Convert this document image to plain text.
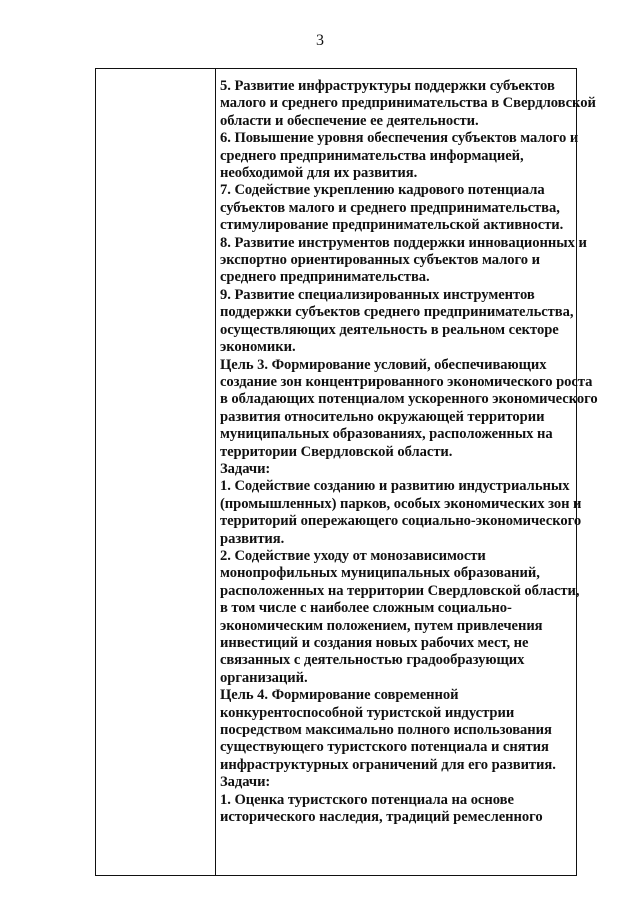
3
5. Развитие инфраструктуры поддержки субъектов
малого и среднего предпринимательства в Свердловской
области и обеспечение ее деятельности.
6. Повышение уровня обеспечения субъектов малого и
среднего предпринимательства информацией,
необходимой для их развития.
7. Содействие укреплению кадрового потенциала
субъектов малого и среднего предпринимательства,
стимулирование предпринимательской активности.
8. Развитие инструментов поддержки инновационных и
экспортно ориентированных субъектов малого и
среднего предпринимательства.
9. Развитие специализированных инструментов
поддержки субъектов среднего предпринимательства,
осуществляющих деятельность в реальном секторе
экономики.
Цель 3. Формирование условий, обеспечивающих
создание зон концентрированного экономического роста
в обладающих потенциалом ускоренного экономического
развития относительно окружающей территории
муниципальных образованиях, расположенных на
территории Свердловской области.
Задачи:
1. Содействие созданию и развитию индустриальных
(промышленных) парков, особых экономических зон и
территорий опережающего социально-экономического
развития.
2. Содействие уходу от монозависимости
монопрофильных муниципальных образований,
расположенных на территории Свердловской области,
в том числе с наиболее сложным социально-
экономическим положением, путем привлечения
инвестиций и создания новых рабочих мест, не
связанных с деятельностью градообразующих
организаций.
Цель 4. Формирование современной
конкурентоспособной туристской индустрии
посредством максимально полного использования
существующего туристского потенциала и снятия
инфраструктурных ограничений для его развития.
Задачи:
1. Оценка туристского потенциала на основе
исторического наследия, традиций ремесленного
